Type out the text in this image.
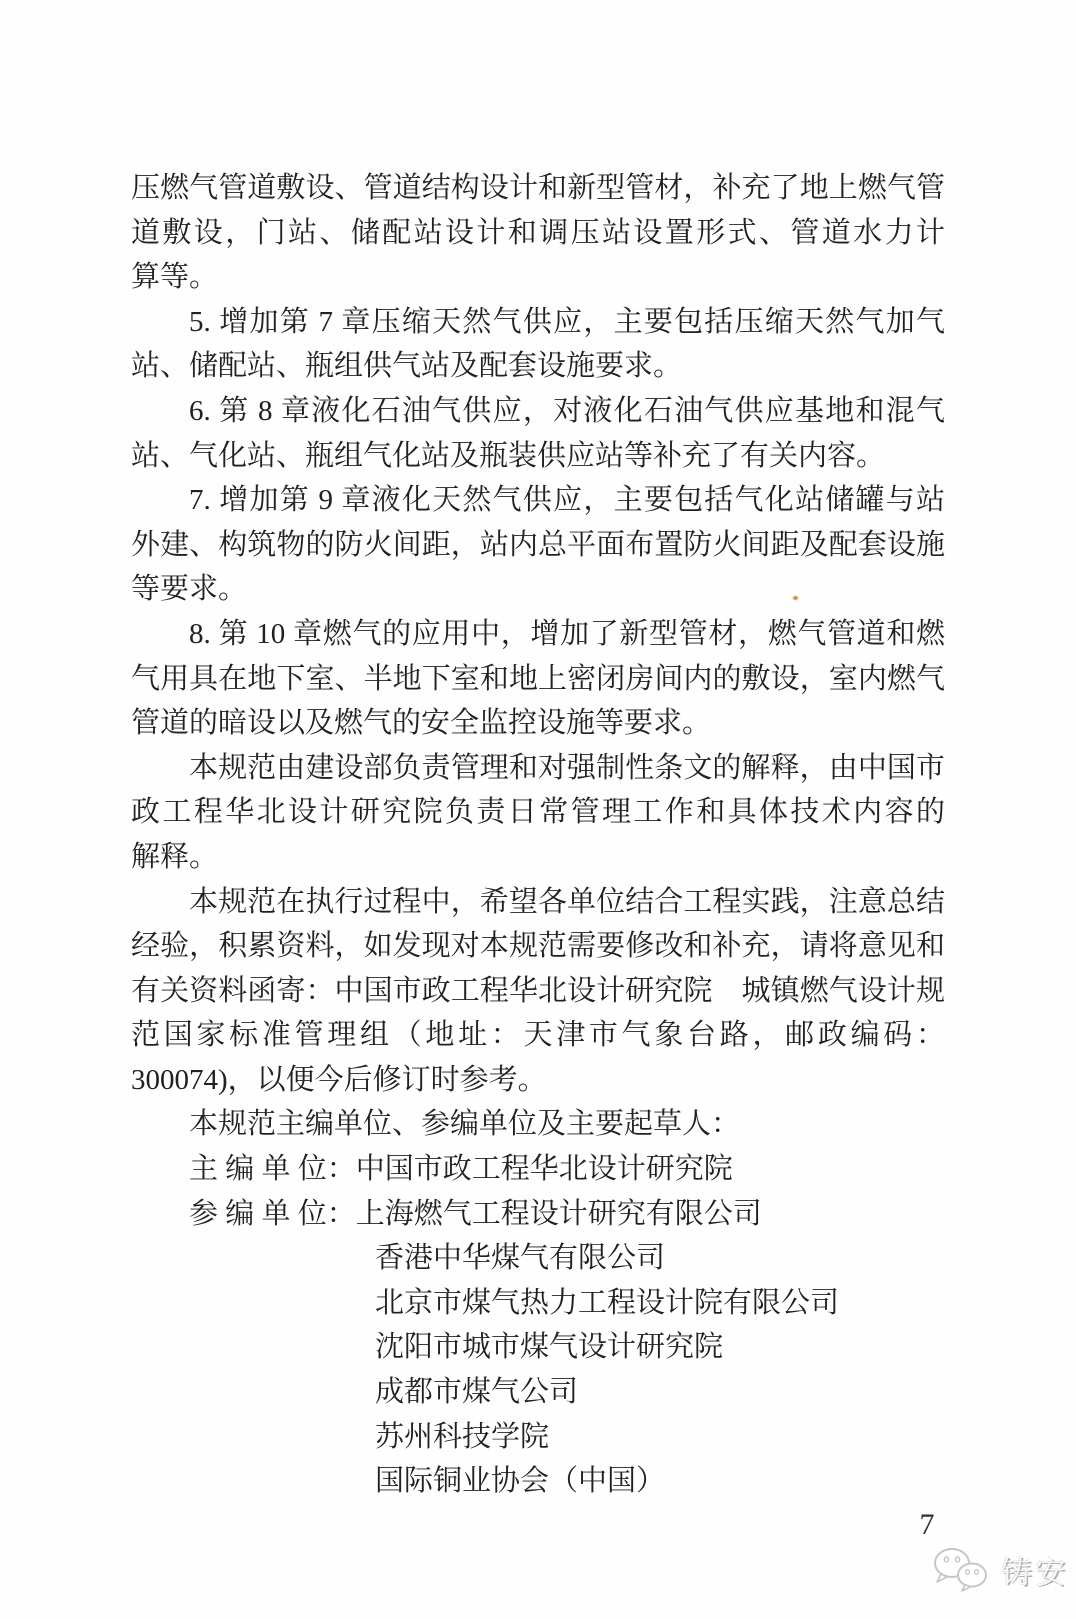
压燃气管道敷设、管道结构设计和新型管材，补充了地上燃气管
道敷设，门站、储配站设计和调压站设置形式、管道水力计
算等。
5. 增加第 7 章压缩天然气供应，主要包括压缩天然气加气
站、储配站、瓶组供气站及配套设施要求。
6. 第 8 章液化石油气供应，对液化石油气供应基地和混气
站、气化站、瓶组气化站及瓶装供应站等补充了有关内容。
7. 增加第 9 章液化天然气供应，主要包括气化站储罐与站
外建、构筑物的防火间距，站内总平面布置防火间距及配套设施
等要求。
8. 第 10 章燃气的应用中，增加了新型管材，燃气管道和燃
气用具在地下室、半地下室和地上密闭房间内的敷设，室内燃气
管道的暗设以及燃气的安全监控设施等要求。
本规范由建设部负责管理和对强制性条文的解释，由中国市
政工程华北设计研究院负责日常管理工作和具体技术内容的
解释。
本规范在执行过程中，希望各单位结合工程实践，注意总结
经验，积累资料，如发现对本规范需要修改和补充，请将意见和
有关资料函寄：中国市政工程华北设计研究院　城镇燃气设计规
范国家标准管理组（地址：天津市气象台路，邮政编码：
300074)，以便今后修订时参考。
本规范主编单位、参编单位及主要起草人：
主 编 单 位：中国市政工程华北设计研究院
参 编 单 位：上海燃气工程设计研究有限公司
香港中华煤气有限公司
北京市煤气热力工程设计院有限公司
沈阳市城市煤气设计研究院
成都市煤气公司
苏州科技学院
国际铜业协会（中国）
7
铸安
